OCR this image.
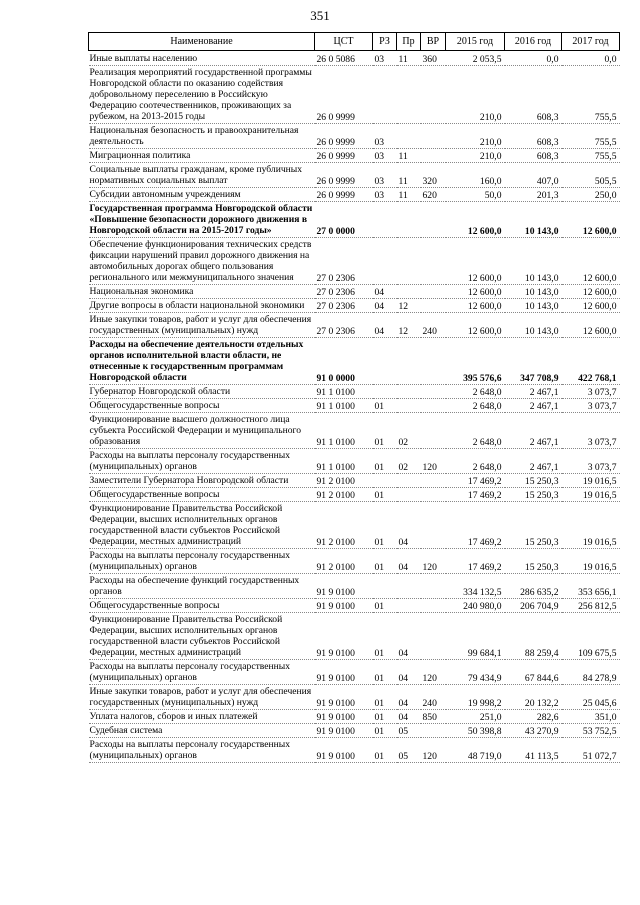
351
Наименование	ЦСТ	РЗ	Пр	ВР	2015 год	2016 год	2017 год
Иные выплаты населению	26 0 5086	03	11	360	2 053,5	0,0	0,0
Реализация мероприятий государственной программы Новгородской области по оказанию содействия добровольному переселению в Российскую Федерацию соотечественников, проживающих за рубежом, на 2013-2015 годы	26 0 9999				210,0	608,3	755,5
Национальная безопасность и правоохранительная деятельность	26 0 9999	03			210,0	608,3	755,5
Миграционная политика	26 0 9999	03	11		210,0	608,3	755,5
Социальные выплаты гражданам, кроме публичных нормативных социальных выплат	26 0 9999	03	11	320	160,0	407,0	505,5
Субсидии автономным учреждениям	26 0 9999	03	11	620	50,0	201,3	250,0
Государственная программа Новгородской области «Повышение безопасности дорожного движения в Новгородской области на 2015-2017 годы»	27 0 0000				12 600,0	10 143,0	12 600,0
Обеспечение функционирования технических средств фиксации нарушений правил дорожного движения на автомобильных дорогах общего пользования регионального или межмуниципального значения	27 0 2306				12 600,0	10 143,0	12 600,0
Национальная экономика	27 0 2306	04			12 600,0	10 143,0	12 600,0
Другие вопросы в области национальной экономики	27 0 2306	04	12		12 600,0	10 143,0	12 600,0
Иные закупки товаров, работ и услуг для обеспечения государственных (муниципальных) нужд	27 0 2306	04	12	240	12 600,0	10 143,0	12 600,0
Расходы на обеспечение деятельности отдельных органов исполнительной власти области, не отнесенные к государственным программам Новгородской области	91 0 0000				395 576,6	347 708,9	422 768,1
Губернатор Новгородской области	91 1 0100				2 648,0	2 467,1	3 073,7
Общегосударственные вопросы	91 1 0100	01			2 648,0	2 467,1	3 073,7
Функционирование высшего должностного лица субъекта Российской Федерации и муниципального образования	91 1 0100	01	02		2 648,0	2 467,1	3 073,7
Расходы на выплаты персоналу государственных (муниципальных) органов	91 1 0100	01	02	120	2 648,0	2 467,1	3 073,7
Заместители Губернатора Новгородской области	91 2 0100				17 469,2	15 250,3	19 016,5
Общегосударственные вопросы	91 2 0100	01			17 469,2	15 250,3	19 016,5
Функционирование Правительства Российской Федерации, высших исполнительных органов государственной власти субъектов Российской Федерации, местных администраций	91 2 0100	01	04		17 469,2	15 250,3	19 016,5
Расходы на выплаты персоналу государственных (муниципальных) органов	91 2 0100	01	04	120	17 469,2	15 250,3	19 016,5
Расходы на обеспечение функций государственных органов	91 9 0100				334 132,5	286 635,2	353 656,1
Общегосударственные вопросы	91 9 0100	01			240 980,0	206 704,9	256 812,5
Функционирование Правительства Российской Федерации, высших исполнительных органов государственной власти субъектов Российской Федерации, местных администраций	91 9 0100	01	04		99 684,1	88 259,4	109 675,5
Расходы на выплаты персоналу государственных (муниципальных) органов	91 9 0100	01	04	120	79 434,9	67 844,6	84 278,9
Иные закупки товаров, работ и услуг для обеспечения государственных (муниципальных) нужд	91 9 0100	01	04	240	19 998,2	20 132,2	25 045,6
Уплата налогов, сборов и иных платежей	91 9 0100	01	04	850	251,0	282,6	351,0
Судебная система	91 9 0100	01	05		50 398,8	43 270,9	53 752,5
Расходы на выплаты персоналу государственных (муниципальных) органов	91 9 0100	01	05	120	48 719,0	41 113,5	51 072,7
